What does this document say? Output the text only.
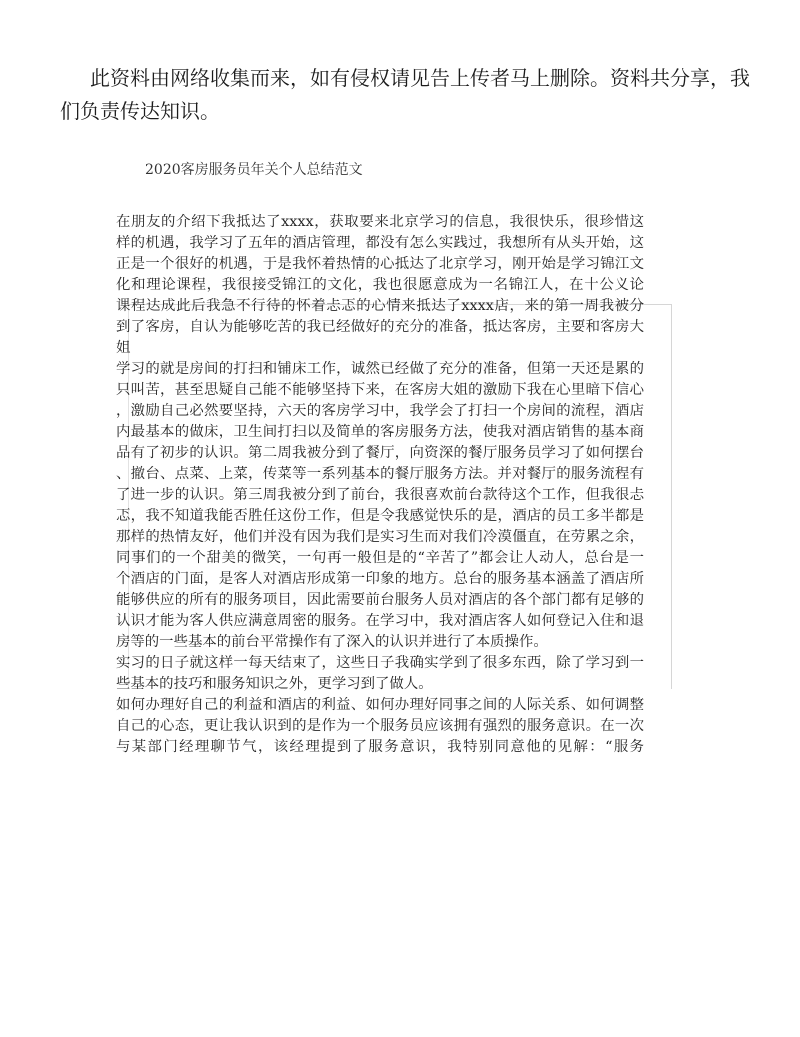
此资料由网络收集而来，如有侵权请见告上传者马上删除。资料共分享，我们负责传达知识。

2020客房服务员年关个人总结范文
在朋友的介绍下我抵达了xxxx，获取要来北京学习的信息，我很快乐，很珍惜这
样的机遇，我学习了五年的酒店管理，都没有怎么实践过，我想所有从头开始，这
正是一个很好的机遇，于是我怀着热情的心抵达了北京学习，刚开始是学习锦江文
化和理论课程，我很接受锦江的文化，我也很愿意成为一名锦江人，在十公义论
课程达成此后我急不行待的怀着忐忑的心情来抵达了xxxx店，来的第一周我被分
到了客房，自认为能够吃苦的我已经做好的充分的准备，抵达客房，主要和客房大
姐
学习的就是房间的打扫和铺床工作，诚然已经做了充分的准备，但第一天还是累的
只叫苦，甚至思疑自己能不能够坚持下来，在客房大姐的激励下我在心里暗下信心
，激励自己必然要坚持，六天的客房学习中，我学会了打扫一个房间的流程，酒店
内最基本的做床，卫生间打扫以及简单的客房服务方法，使我对酒店销售的基本商
品有了初步的认识。第二周我被分到了餐厅，向资深的餐厅服务员学习了如何摆台
、撤台、点菜、上菜，传菜等一系列基本的餐厅服务方法。并对餐厅的服务流程有
了进一步的认识。第三周我被分到了前台，我很喜欢前台款待这个工作，但我很忐
忑，我不知道我能否胜任这份工作，但是令我感觉快乐的是，酒店的员工多半都是
那样的热情友好，他们并没有因为我们是实习生而对我们冷漠僵直，在劳累之余，
同事们的一个甜美的微笑，一句再一般但是的“辛苦了”都会让人动人，总台是一
个酒店的门面，是客人对酒店形成第一印象的地方。总台的服务基本涵盖了酒店所
能够供应的所有的服务项目，因此需要前台服务人员对酒店的各个部门都有足够的
认识才能为客人供应满意周密的服务。在学习中，我对酒店客人如何登记入住和退
房等的一些基本的前台平常操作有了深入的认识并进行了本质操作。
实习的日子就这样一每天结束了，这些日子我确实学到了很多东西，除了学习到一
些基本的技巧和服务知识之外，更学习到了做人。
如何办理好自己的利益和酒店的利益、如何办理好同事之间的人际关系、如何调整
自己的心态，更让我认识到的是作为一个服务员应该拥有强烈的服务意识。在一次
与某部门经理聊节气，该经理提到了服务意识，我特别同意他的见解：“服务
